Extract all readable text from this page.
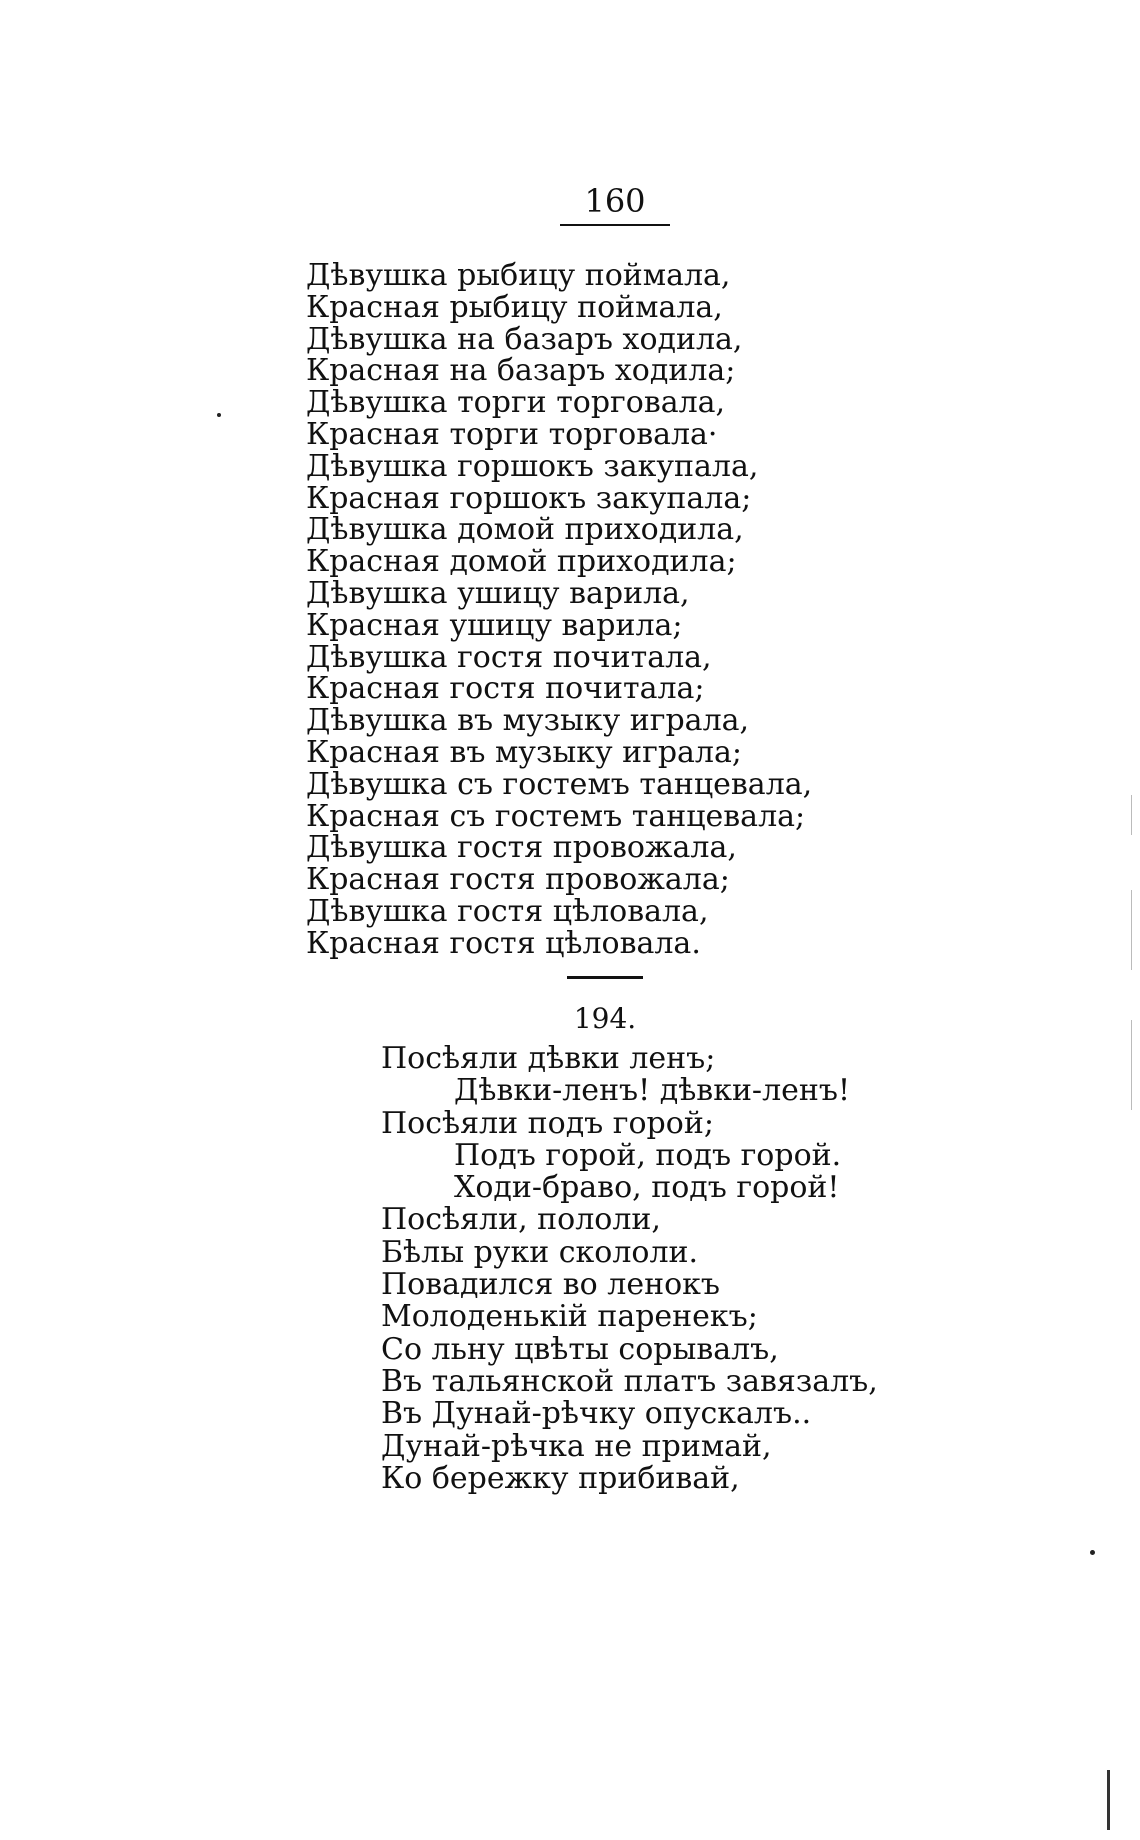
160
Дѣвушка рыбицу поймала,
Красная рыбицу поймала,
Дѣвушка на базаръ ходила,
Красная на базаръ ходила;
Дѣвушка торги торговала,
Красная торги торговала·
Дѣвушка горшокъ закупала,
Красная горшокъ закупала;
Дѣвушка домой приходила,
Красная домой приходила;
Дѣвушка ушицу варила,
Красная ушицу варила;
Дѣвушка гостя почитала,
Красная гостя почитала;
Дѣвушка въ музыку играла,
Красная въ музыку играла;
Дѣвушка съ гостемъ танцевала,
Красная съ гостемъ танцевала;
Дѣвушка гостя провожала,
Красная гостя провожала;
Дѣвушка гостя цѣловала,
Красная гостя цѣловала.
194.
Посѣяли дѣвки ленъ;
Дѣвки-ленъ! дѣвки-ленъ!
Посѣяли подъ горой;
Подъ горой, подъ горой.
Ходи-браво, подъ горой!
Посѣяли, пололи,
Бѣлы руки скололи.
Повадился во ленокъ
Молоденькій паренекъ;
Со льну цвѣты сорывалъ,
Въ тальянской платъ завязалъ,
Въ Дунай-рѣчку опускалъ..
Дунай-рѣчка не примай,
Ко бережку прибивай,
